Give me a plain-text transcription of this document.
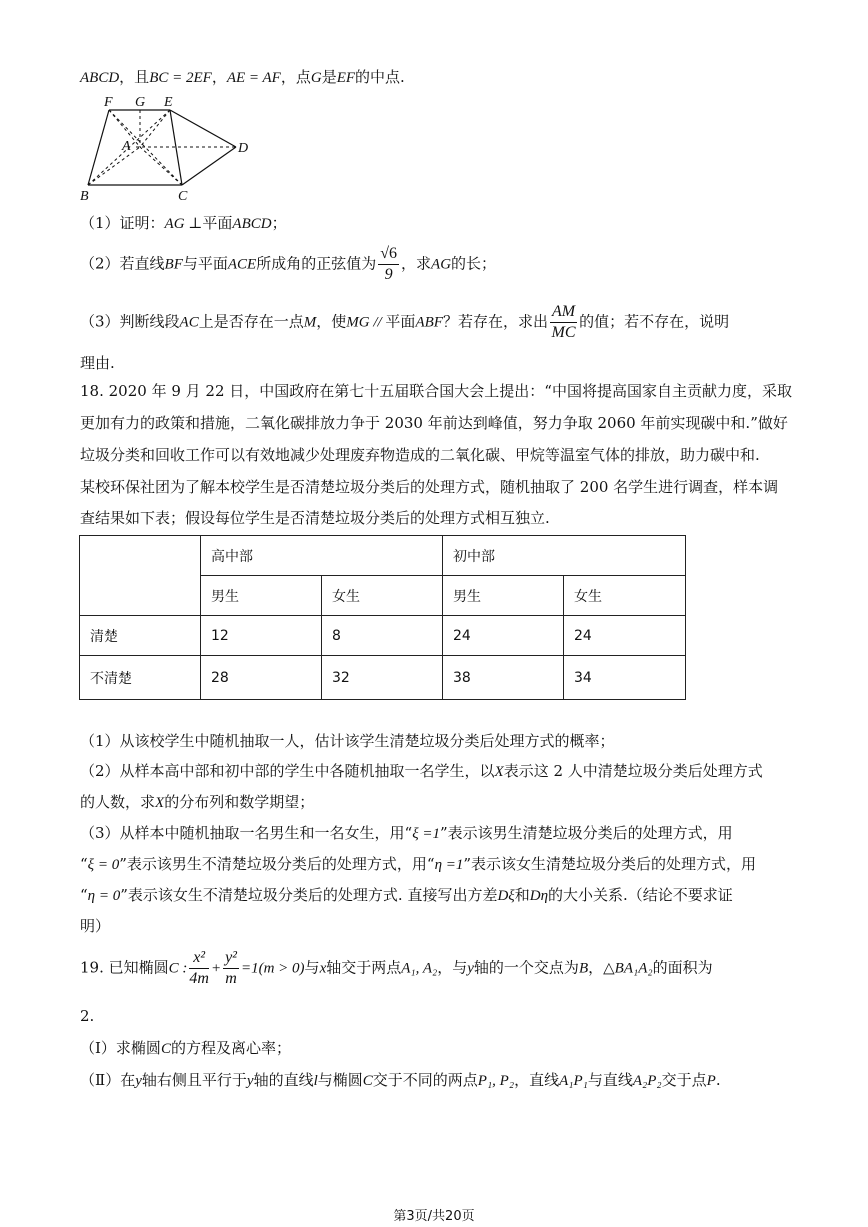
ABCD，且BC = 2EF，AE = AF，点G是EF的中点.
F G E
A	D
B	C
（1）证明：AG ⊥平面ABCD；
（2）若直线BF与平面ACE所成角的正弦值为 $\frac{√6}{9}$ ，求AG的长；
（3）判断线段AC上是否存在一点M，使MG // 平面ABF？若存在，求出 $\frac{AM}{MC}$ 的值；若不存在，说明
理由.
18. 2020 年 9 月 22 日，中国政府在第七十五届联合国大会上提出：“中国将提高国家自主贡献力度，采取
更加有力的政策和措施，二氧化碳排放力争于 2030 年前达到峰值，努力争取 2060 年前实现碳中和.”做好
垃圾分类和回收工作可以有效地减少处理废弃物造成的二氧化碳、甲烷等温室气体的排放，助力碳中和.
某校环保社团为了解本校学生是否清楚垃圾分类后的处理方式，随机抽取了 200 名学生进行调查，样本调
查结果如下表；假设每位学生是否清楚垃圾分类后的处理方式相互独立.
	高中部		初中部	
	男生	女生	男生	女生
清楚	12	8	24	24
不清楚	28	32	38	34
（1）从该校学生中随机抽取一人，估计该学生清楚垃圾分类后处理方式的概率；
（2）从样本高中部和初中部的学生中各随机抽取一名学生，以X表示这 2 人中清楚垃圾分类后处理方式
的人数，求X的分布列和数学期望；
（3）从样本中随机抽取一名男生和一名女生，用“ξ =1”表示该男生清楚垃圾分类后的处理方式，用
“ξ = 0”表示该男生不清楚垃圾分类后的处理方式，用“η =1”表示该女生清楚垃圾分类后的处理方式，用
“η = 0”表示该女生不清楚垃圾分类后的处理方式. 直接写出方差Dξ和Dη的大小关系.（结论不要求证
明）
19. 已知椭圆C : $\frac{\text{x²}}{4m} + \frac{\text{y²}}{m} =1(m > 0)$与x轴交于两点A₁, A₂，与y轴的一个交点为B，△BA₁A₂的面积为
2.
（Ⅰ）求椭圆C的方程及离心率；
（Ⅱ）在y轴右侧且平行于y轴的直线l与椭圆C交于不同的两点P₁, P₂，直线A₁P₁与直线A₂P₂交于点P.
第3页/共20页
